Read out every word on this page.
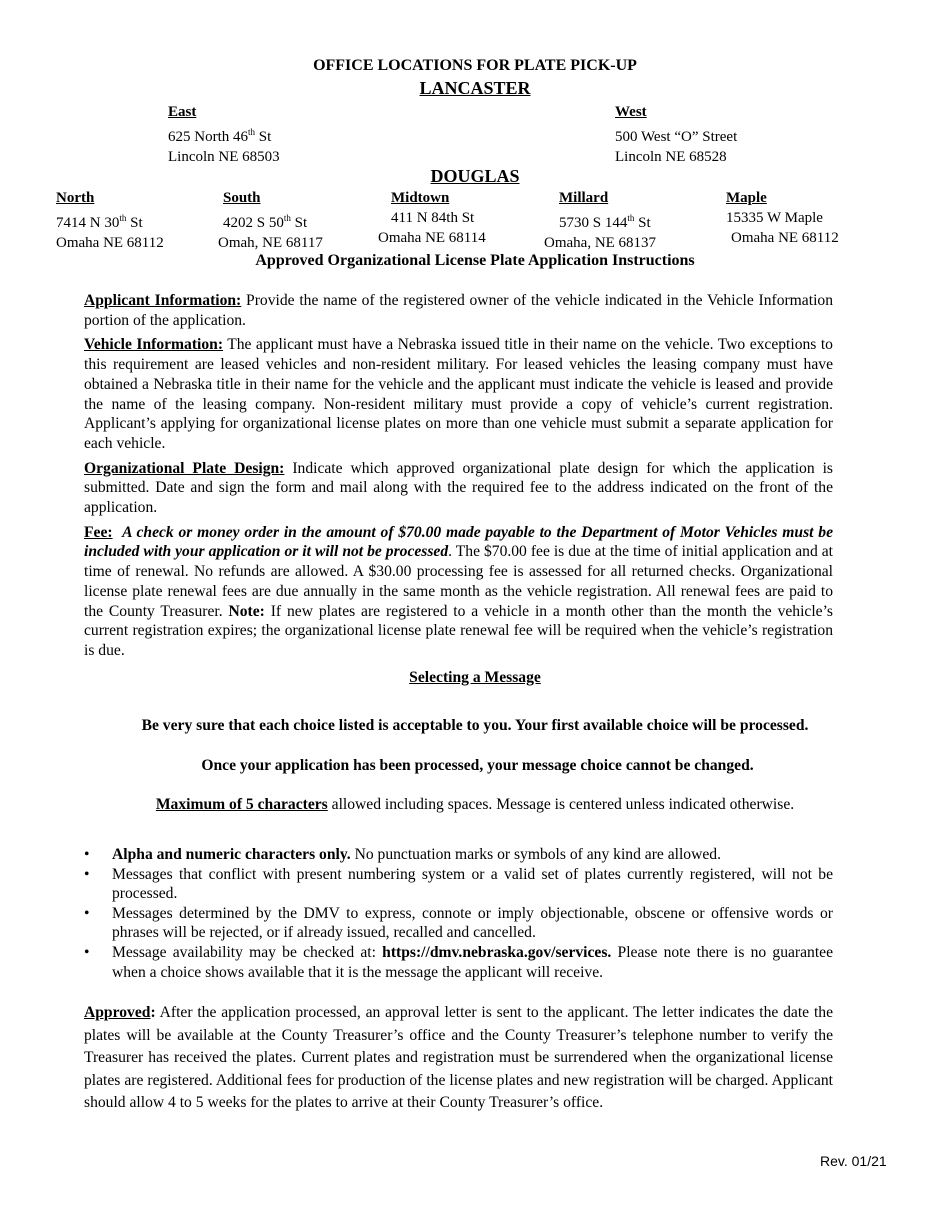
OFFICE LOCATIONS FOR PLATE PICK-UP
LANCASTER
East
625 North 46th St
Lincoln NE 68503
West
500 West “O” Street
Lincoln NE 68528
DOUGLAS
North
7414 N 30th St
Omaha NE 68112
South
4202 S 50th St
Omah, NE 68117
Midtown
411 N 84th St
Omaha NE 68114
Millard
5730 S 144th St
Omaha, NE 68137
Maple
15335 W Maple
Omaha NE 68112
Approved Organizational License Plate Application Instructions

Applicant Information: Provide the name of the registered owner of the vehicle indicated in the Vehicle Information portion of the application.

Vehicle Information: The applicant must have a Nebraska issued title in their name on the vehicle. Two exceptions to this requirement are leased vehicles and non-resident military. For leased vehicles the leasing company must have obtained a Nebraska title in their name for the vehicle and the applicant must indicate the vehicle is leased and provide the name of the leasing company. Non-resident military must provide a copy of vehicle’s current registration. Applicant’s applying for organizational license plates on more than one vehicle must submit a separate application for each vehicle.

Organizational Plate Design: Indicate which approved organizational plate design for which the application is submitted. Date and sign the form and mail along with the required fee to the address indicated on the front of the application.

Fee: A check or money order in the amount of $70.00 made payable to the Department of Motor Vehicles must be included with your application or it will not be processed. The $70.00 fee is due at the time of initial application and at time of renewal. No refunds are allowed. A $30.00 processing fee is assessed for all returned checks. Organizational license plate renewal fees are due annually in the same month as the vehicle registration. All renewal fees are paid to the County Treasurer. Note: If new plates are registered to a vehicle in a month other than the month the vehicle’s current registration expires; the organizational license plate renewal fee will be required when the vehicle’s registration is due.

Selecting a Message
Be very sure that each choice listed is acceptable to you. Your first available choice will be processed.
Once your application has been processed, your message choice cannot be changed.
Maximum of 5 characters allowed including spaces. Message is centered unless indicated otherwise.
• Alpha and numeric characters only. No punctuation marks or symbols of any kind are allowed.
• Messages that conflict with present numbering system or a valid set of plates currently registered, will not be processed.
• Messages determined by the DMV to express, connote or imply objectionable, obscene or offensive words or phrases will be rejected, or if already issued, recalled and cancelled.
• Message availability may be checked at: https://dmv.nebraska.gov/services. Please note there is no guarantee when a choice shows available that it is the message the applicant will receive.
Approved: After the application processed, an approval letter is sent to the applicant. The letter indicates the date the plates will be available at the County Treasurer’s office and the County Treasurer’s telephone number to verify the Treasurer has received the plates. Current plates and registration must be surrendered when the organizational license plates are registered. Additional fees for production of the license plates and new registration will be charged. Applicant should allow 4 to 5 weeks for the plates to arrive at their County Treasurer’s office.
Rev. 01/21
